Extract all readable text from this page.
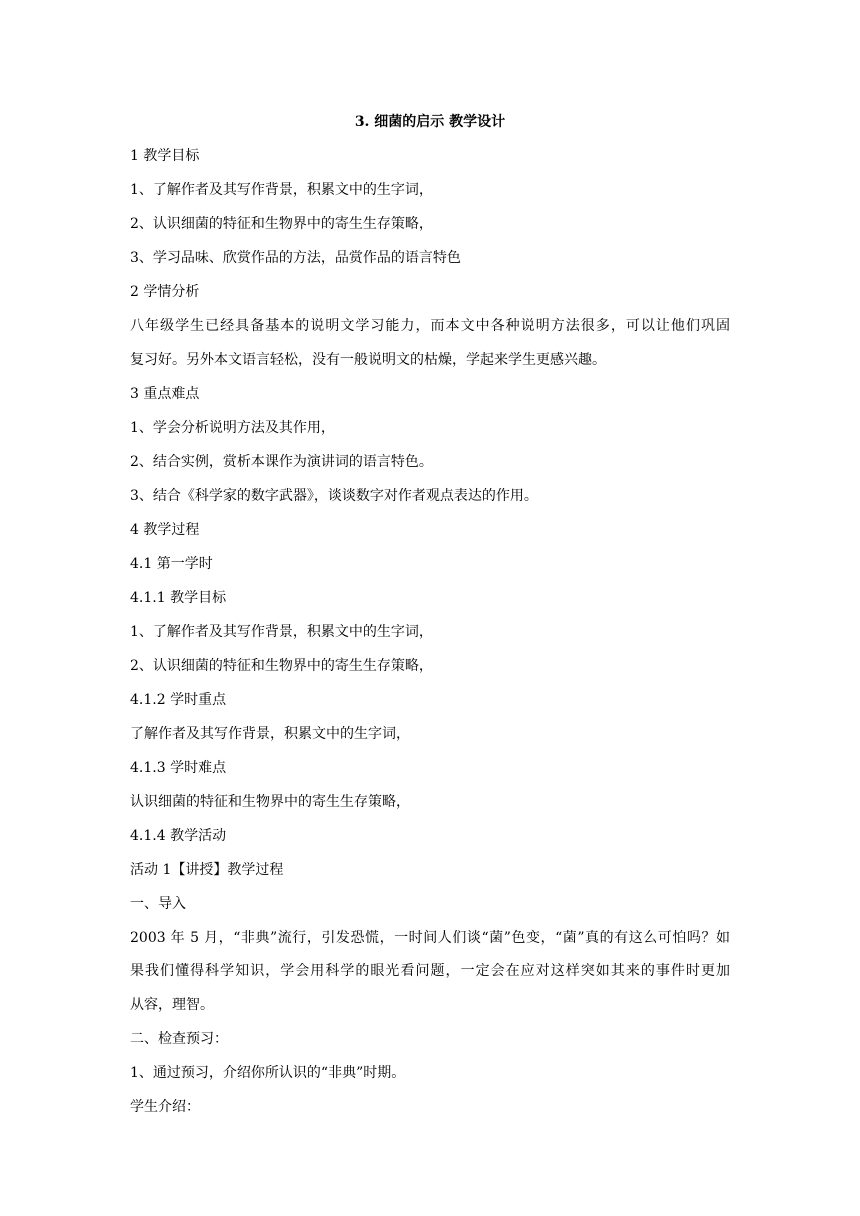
3. 细菌的启示 教学设计
1 教学目标
1、了解作者及其写作背景，积累文中的生字词，
2、认识细菌的特征和生物界中的寄生生存策略，
3、学习品味、欣赏作品的方法，品赏作品的语言特色
2 学情分析
八年级学生已经具备基本的说明文学习能力，而本文中各种说明方法很多，可以让他们巩固
复习好。另外本文语言轻松，没有一般说明文的枯燥，学起来学生更感兴趣。
3 重点难点
1、学会分析说明方法及其作用，
2、结合实例，赏析本课作为演讲词的语言特色。
3、结合《科学家的数字武器》，谈谈数字对作者观点表达的作用。
4 教学过程
4.1 第一学时
4.1.1 教学目标
1、了解作者及其写作背景，积累文中的生字词，
2、认识细菌的特征和生物界中的寄生生存策略，
4.1.2 学时重点
了解作者及其写作背景，积累文中的生字词，
4.1.3 学时难点
认识细菌的特征和生物界中的寄生生存策略，
4.1.4 教学活动
活动 1【讲授】教学过程
一、导入
2003 年 5 月，“非典”流行，引发恐慌，一时间人们谈“菌”色变，“菌”真的有这么可怕吗？如
果我们懂得科学知识，学会用科学的眼光看问题，一定会在应对这样突如其来的事件时更加
从容，理智。
二、检查预习：
1、通过预习，介绍你所认识的“非典”时期。
学生介绍：
